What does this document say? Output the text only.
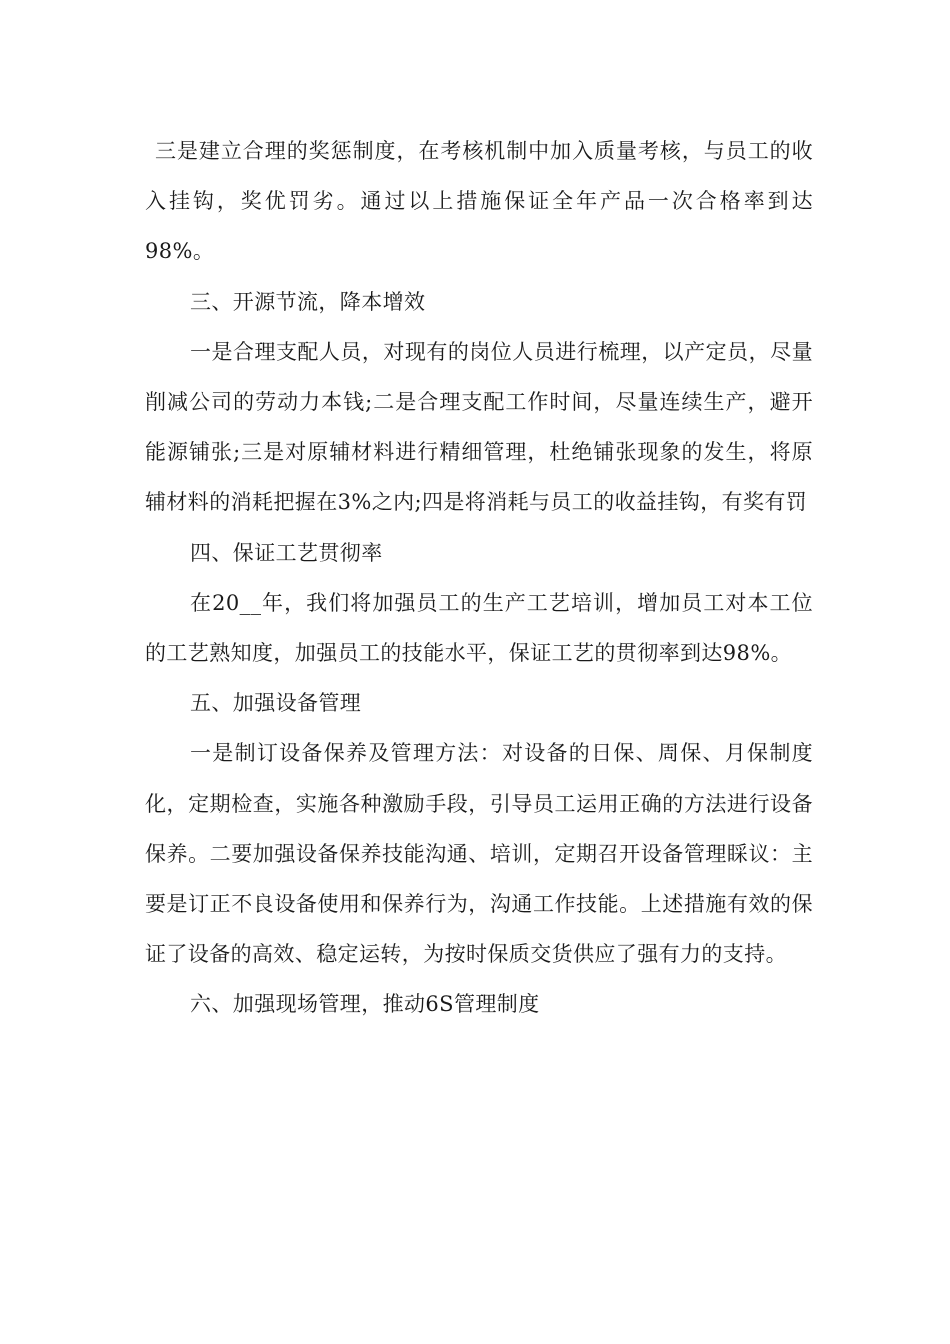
三是建立合理的奖惩制度，在考核机制中加入质量考核，与员工的收入挂钩，奖优罚劣。通过以上措施保证全年产品一次合格率到达98%。

三、开源节流，降本增效

一是合理支配人员，对现有的岗位人员进行梳理，以产定员，尽量削减公司的劳动力本钱;二是合理支配工作时间，尽量连续生产，避开能源铺张;三是对原辅材料进行精细管理，杜绝铺张现象的发生，将原辅材料的消耗把握在3%之内;四是将消耗与员工的收益挂钩，有奖有罚

四、保证工艺贯彻率

在20__年，我们将加强员工的生产工艺培训，增加员工对本工位的工艺熟知度，加强员工的技能水平，保证工艺的贯彻率到达98%。

五、加强设备管理

一是制订设备保养及管理方法：对设备的日保、周保、月保制度化，定期检查，实施各种激励手段，引导员工运用正确的方法进行设备保养。二要加强设备保养技能沟通、培训，定期召开设备管理睬议：主要是订正不良设备使用和保养行为，沟通工作技能。上述措施有效的保证了设备的高效、稳定运转，为按时保质交货供应了强有力的支持。

六、加强现场管理，推动6S管理制度
